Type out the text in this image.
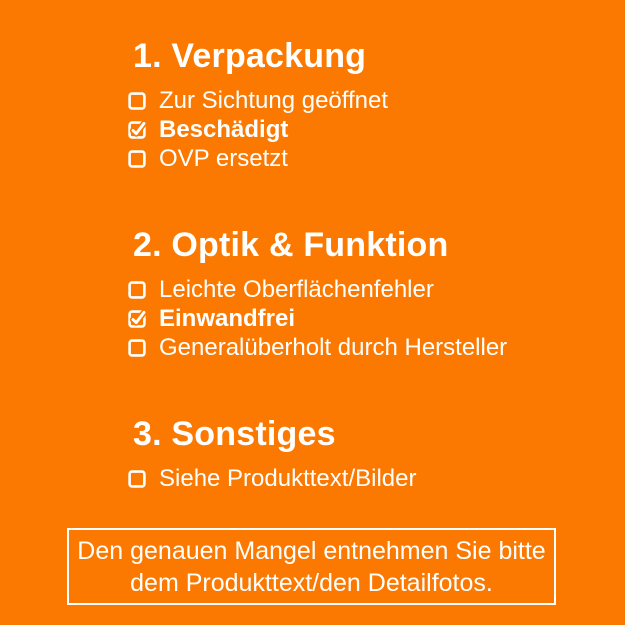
1. Verpackung
Zur Sichtung geöffnet
Beschädigt
OVP ersetzt
2. Optik & Funktion
Leichte Oberflächenfehler
Einwandfrei
Generalüberholt durch Hersteller
3. Sonstiges
Siehe Produkttext/Bilder
Den genauen Mangel entnehmen Sie bitte
dem Produkttext/den Detailfotos.
